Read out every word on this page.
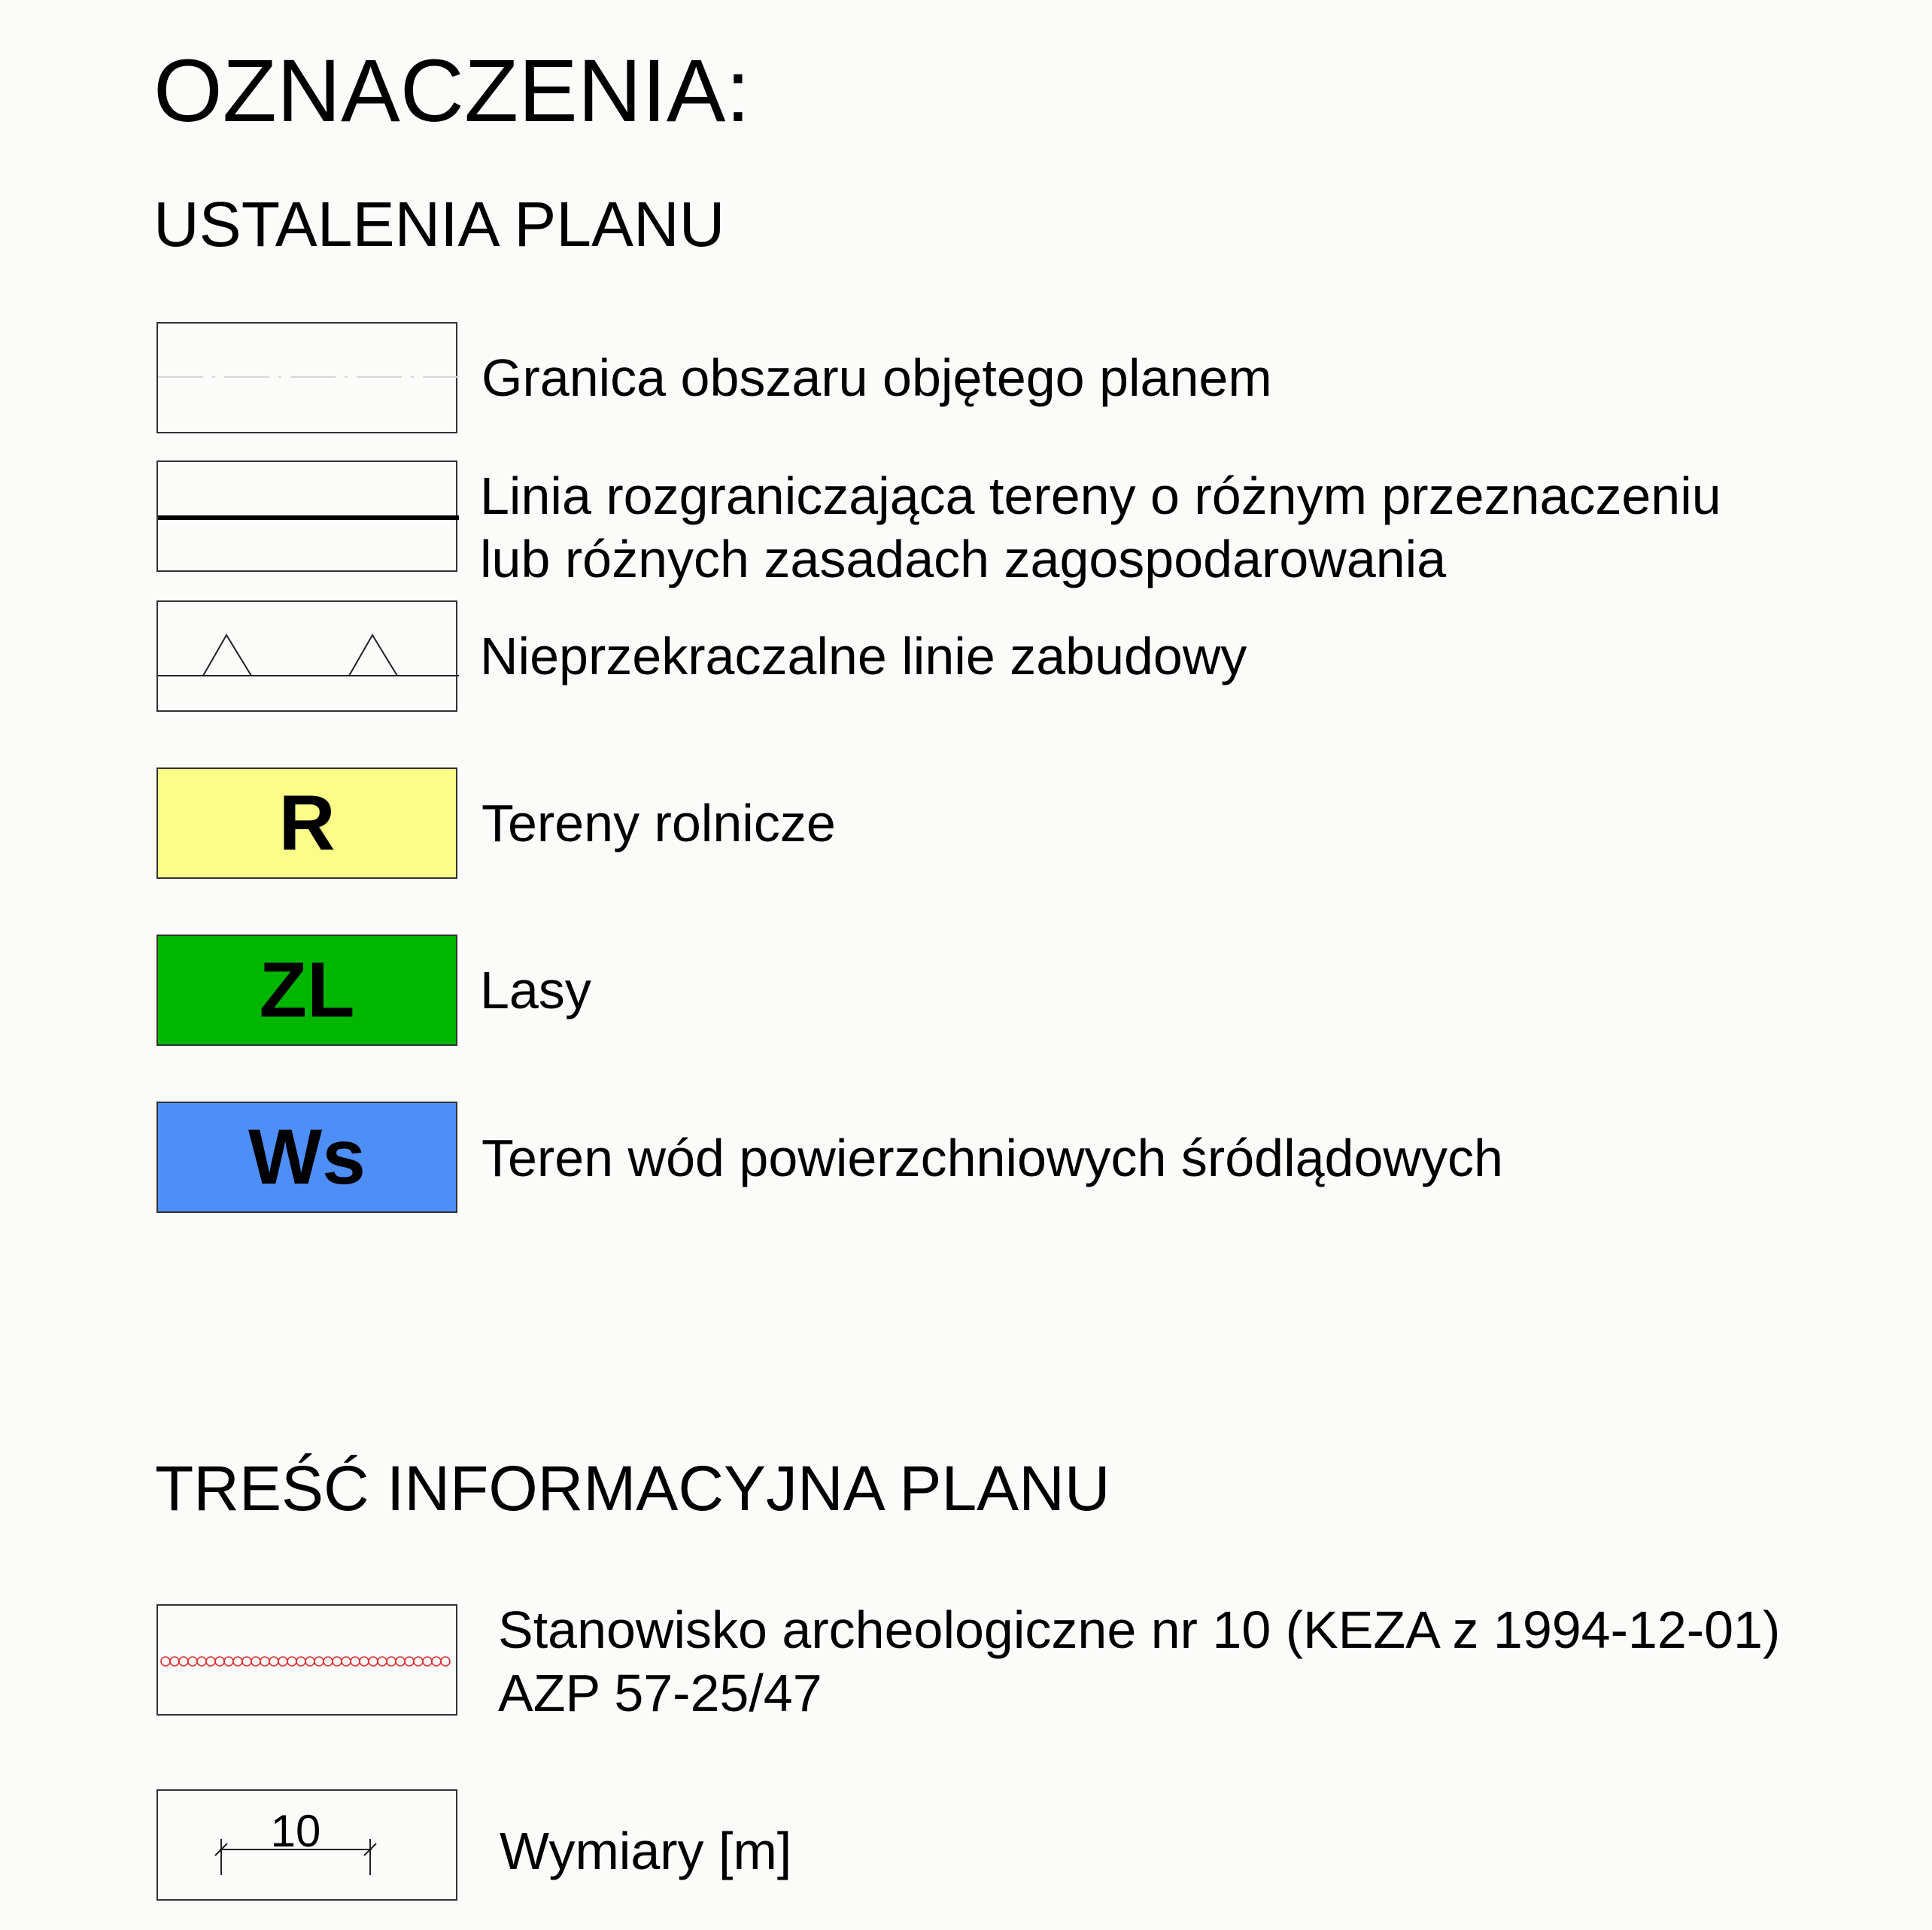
OZNACZENIA:
USTALENIA PLANU
Granica obszaru objętego planem
Linia rozgraniczająca tereny o różnym przeznaczeniu
lub różnych zasadach zagospodarowania
Nieprzekraczalne linie zabudowy
R	Tereny rolnicze
ZL	Lasy
Ws	Teren wód powierzchniowych śródlądowych
TREŚĆ INFORMACYJNA PLANU
Stanowisko archeologiczne nr 10 (KEZA z 1994-12-01)
AZP 57-25/47
10	Wymiary [m]
